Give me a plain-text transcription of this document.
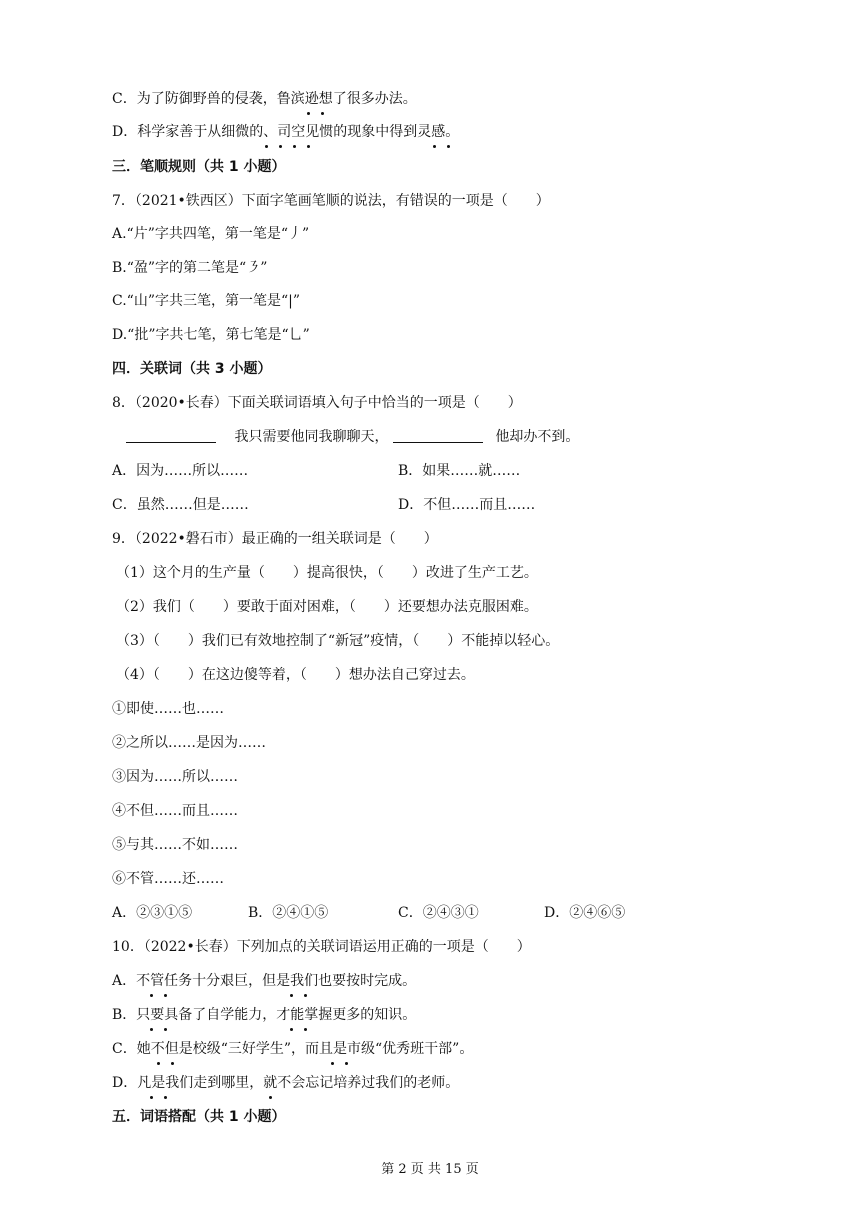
C．为了防御野兽的侵袭，鲁滨逊想了很多办法。
D．科学家善于从细微的、司空见惯的现象中得到灵感。
三．笔顺规则（共 1 小题）
7．（2021•铁西区）下面字笔画笔顺的说法，有错误的一项是（　　）
A.“片”字共四笔，第一笔是“丿”
B.“盈”字的第二笔是“㇋”
C.“山”字共三笔，第一笔是“|”
D.“批”字共七笔，第七笔是“乚”
四．关联词（共 3 小题）
8．（2020•长春）下面关联词语填入句子中恰当的一项是（　　）
我只需要他同我聊聊天，	他却办不到。
A．因为……所以……	B．如果……就……
C．虽然……但是……	D．不但……而且……
9．（2022•磐石市）最正确的一组关联词是（　　）
（1）这个月的生产量（　　）提高很快，（　　）改进了生产工艺。
（2）我们（　　）要敢于面对困难，（　　）还要想办法克服困难。
（3）（　　）我们已有效地控制了“新冠”疫情，（　　）不能掉以轻心。
（4）（　　）在这边傻等着，（　　）想办法自己穿过去。
①即使……也……
②之所以……是因为……
③因为……所以……
④不但……而且……
⑤与其……不如……
⑥不管……还……
A．②③①⑤	B．②④①⑤	C．②④③①	D．②④⑥⑤
10．（2022•长春）下列加点的关联词语运用正确的一项是（　　）
A．不管任务十分艰巨，但是我们也要按时完成。
B．只要具备了自学能力，才能掌握更多的知识。
C．她不但是校级“三好学生”，而且是市级“优秀班干部”。
D．凡是我们走到哪里，就不会忘记培养过我们的老师。
五．词语搭配（共 1 小题）
第 2 页 共 15 页
